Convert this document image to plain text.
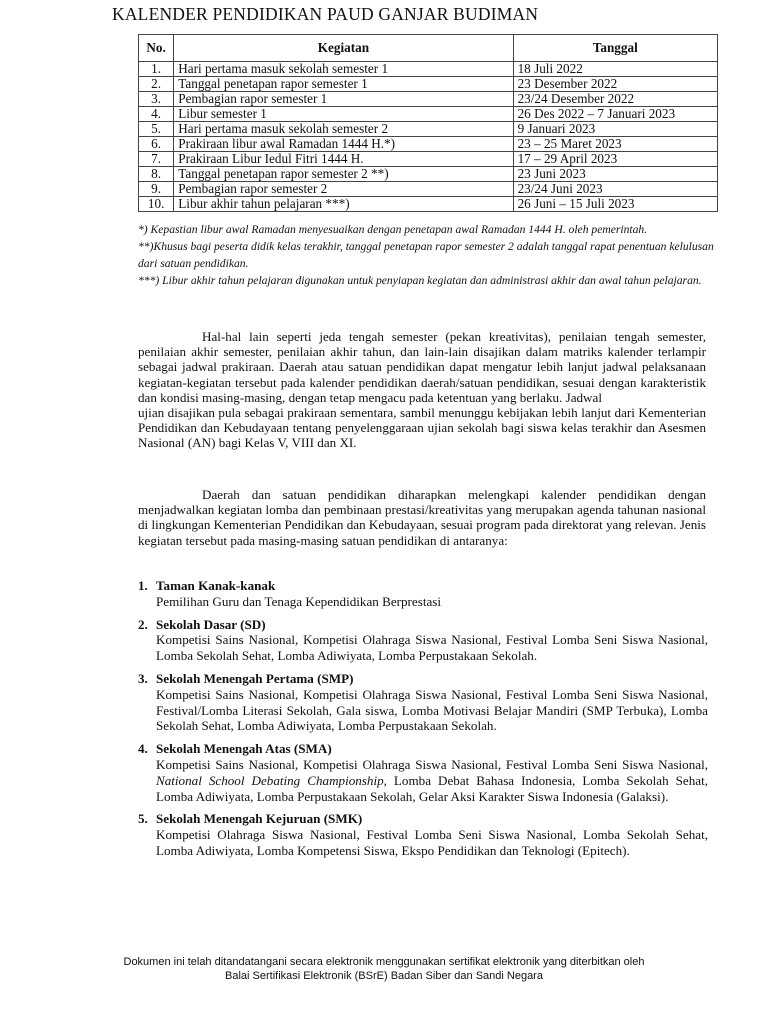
KALENDER PENDIDIKAN PAUD GANJAR BUDIMAN
No.	Kegiatan	Tanggal
1.	Hari pertama masuk sekolah semester 1	18 Juli 2022
2.	Tanggal penetapan rapor semester 1	23 Desember 2022
3.	Pembagian rapor semester 1	23/24 Desember 2022
4.	Libur semester 1	26 Des 2022 – 7 Januari 2023
5.	Hari pertama masuk sekolah semester 2	9 Januari 2023
6.	Prakiraan libur awal Ramadan 1444 H.*)	23 – 25 Maret 2023
7.	Prakiraan Libur Iedul Fitri 1444 H.	17 – 29 April 2023
8.	Tanggal penetapan rapor semester 2 **)	23 Juni 2023
9.	Pembagian rapor semester 2	23/24 Juni 2023
10.	Libur akhir tahun pelajaran ***)	26 Juni – 15 Juli 2023

*) Kepastian libur awal Ramadan menyesuaikan dengan penetapan awal Ramadan 1444 H. oleh pemerintah.

**)Khusus bagi peserta didik kelas terakhir, tanggal penetapan rapor semester 2 adalah tanggal rapat penentuan kelulusan dari satuan pendidikan.

***) Libur akhir tahun pelajaran digunakan untuk penyiapan kegiatan dan administrasi akhir dan awal tahun pelajaran.

Hal-hal lain seperti jeda tengah semester (pekan kreativitas), penilaian tengah semester, penilaian akhir semester, penilaian akhir tahun, dan lain-lain disajikan dalam matriks kalender terlampir sebagai jadwal prakiraan. Daerah atau satuan pendidikan dapat mengatur lebih lanjut jadwal pelaksanaan kegiatan-kegiatan tersebut pada kalender pendidikan daerah/satuan pendidikan, sesuai dengan karakteristik dan kondisi masing-masing, dengan tetap mengacu pada ketentuan yang berlaku. Jadwal
ujian disajikan pula sebagai prakiraan sementara, sambil menunggu kebijakan lebih lanjut dari Kementerian Pendidikan dan Kebudayaan tentang penyelenggaraan ujian sekolah bagi siswa kelas terakhir dan Asesmen Nasional (AN) bagi Kelas V, VIII dan XI.

Daerah dan satuan pendidikan diharapkan melengkapi kalender pendidikan dengan menjadwalkan kegiatan lomba dan pembinaan prestasi/kreativitas yang merupakan agenda tahunan nasional di lingkungan Kementerian Pendidikan dan Kebudayaan, sesuai program pada direktorat yang relevan. Jenis kegiatan tersebut pada masing-masing satuan pendidikan di antaranya:

1. Taman Kanak-kanak
Pemilihan Guru dan Tenaga Kependidikan Berprestasi
2. Sekolah Dasar (SD)
Kompetisi Sains Nasional, Kompetisi Olahraga Siswa Nasional, Festival Lomba Seni Siswa Nasional, Lomba Sekolah Sehat, Lomba Adiwiyata, Lomba Perpustakaan Sekolah.
3. Sekolah Menengah Pertama (SMP)
Kompetisi Sains Nasional, Kompetisi Olahraga Siswa Nasional, Festival Lomba Seni Siswa Nasional, Festival/Lomba Literasi Sekolah, Gala siswa, Lomba Motivasi Belajar Mandiri (SMP Terbuka), Lomba Sekolah Sehat, Lomba Adiwiyata, Lomba Perpustakaan Sekolah.
4. Sekolah Menengah Atas (SMA)
Kompetisi Sains Nasional, Kompetisi Olahraga Siswa Nasional, Festival Lomba Seni Siswa Nasional, National School Debating Championship, Lomba Debat Bahasa Indonesia, Lomba Sekolah Sehat, Lomba Adiwiyata, Lomba Perpustakaan Sekolah, Gelar Aksi Karakter Siswa Indonesia (Galaksi).
5. Sekolah Menengah Kejuruan (SMK)
Kompetisi Olahraga Siswa Nasional, Festival Lomba Seni Siswa Nasional, Lomba Sekolah Sehat, Lomba Adiwiyata, Lomba Kompetensi Siswa, Ekspo Pendidikan dan Teknologi (Epitech).
Dokumen ini telah ditandatangani secara elektronik menggunakan sertifikat elektronik yang diterbitkan oleh
Balai Sertifikasi Elektronik (BSrE) Badan Siber dan Sandi Negara
